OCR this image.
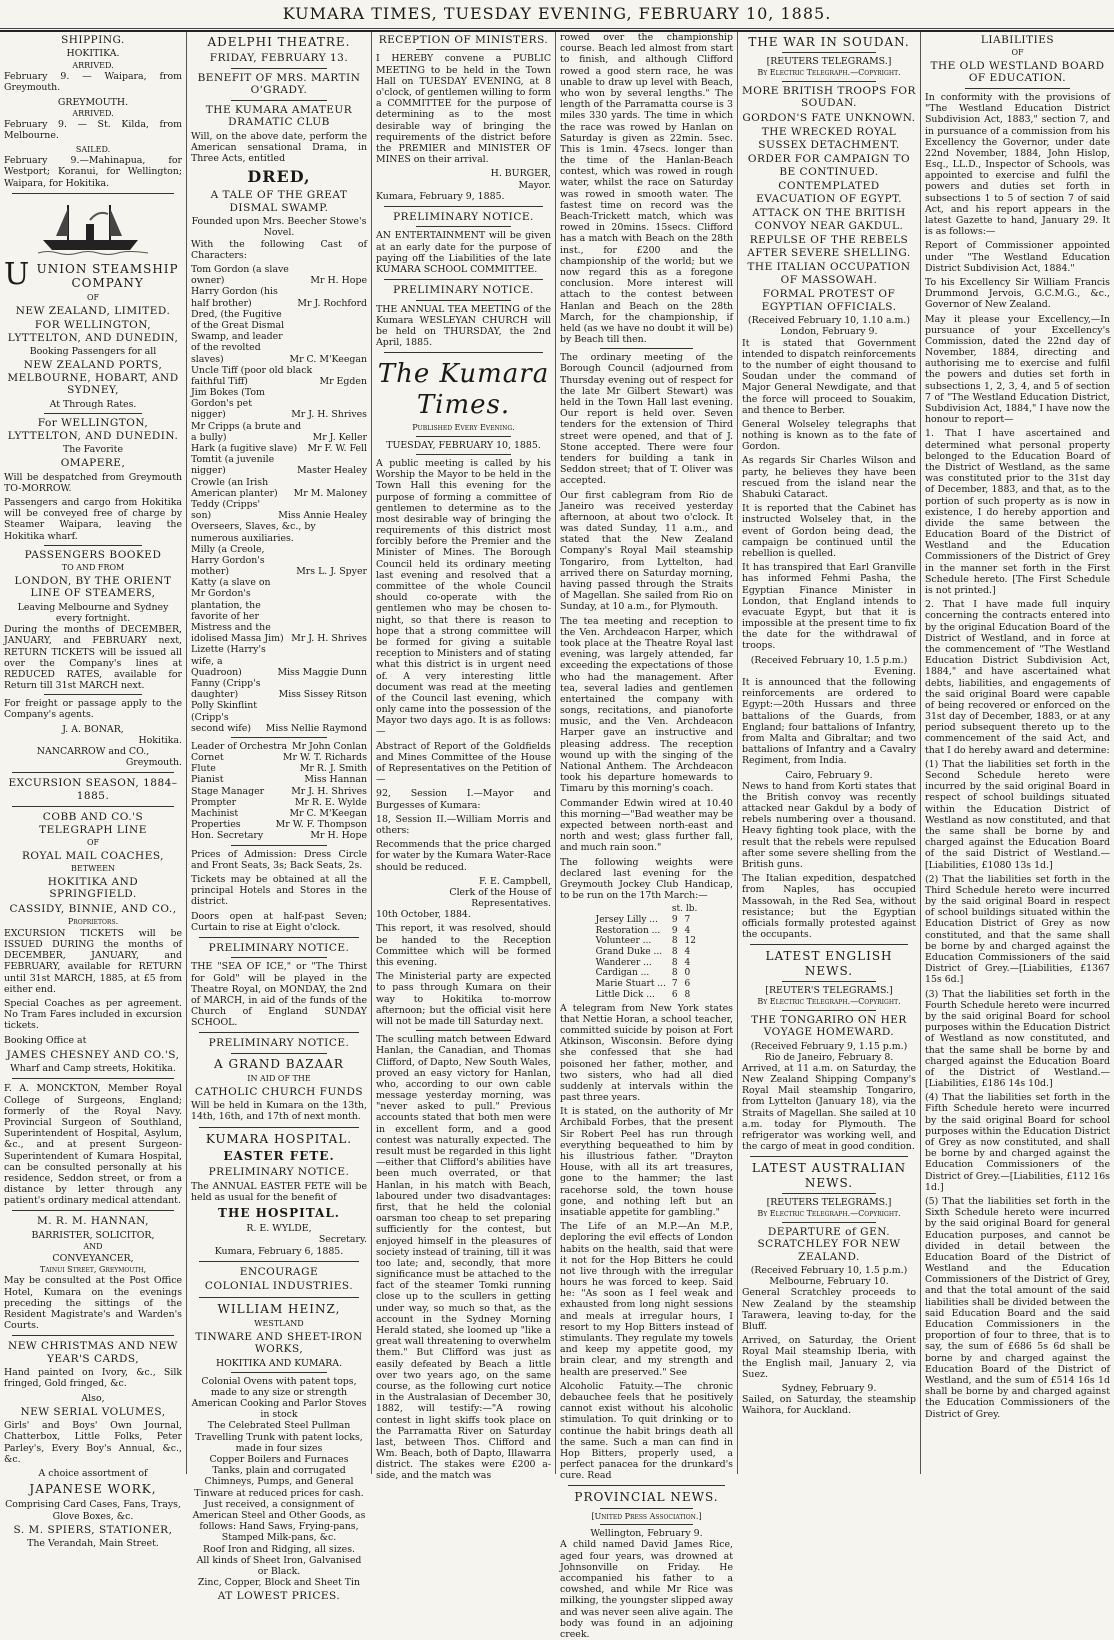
KUMARA TIMES, TUESDAY EVENING, FEBRUARY 10, 1885.
SHIPPING.
HOKITIKA.
ARRIVED.

February 9. — Waipara, from Greymouth.

GREYMOUTH.
ARRIVED.

February 9. — St. Kilda, from Melbourne.

SAILED.

February 9.—Mahinapua, for Westport; Koranui, for Wellington; Waipara, for Hokitika.

UUNION STEAMSHIP COMPANY
OF
NEW ZEALAND, LIMITED.
FOR WELLINGTON, LYTTELTON, AND DUNEDIN,
Booking Passengers for all
NEW ZEALAND PORTS, MELBOURNE, HOBART, AND SYDNEY,
At Through Rates.
For WELLINGTON, LYTTELTON, AND DUNEDIN.
The Favorite
OMAPERE,

Will be despatched from Greymouth TO-MORROW.

Passengers and cargo from Hokitika will be conveyed free of charge by Steamer Waipara, leaving the Hokitika wharf.

PASSENGERS BOOKED
TO AND FROM
LONDON, BY THE ORIENT LINE OF STEAMERS,
Leaving Melbourne and Sydney every fortnight.

During the months of DECEMBER, JANUARY, and FEBRUARY next, RETURN TICKETS will be issued all over the Company's lines at REDUCED RATES, available for Return till 31st MARCH next.

For freight or passage apply to the Company's agents.

J. A. BONAR,
Hokitika.
NANCARROW and CO.,
Greymouth.
EXCURSION SEASON, 1884–1885.
COBB AND CO.'S TELEGRAPH LINE
OF
ROYAL MAIL COACHES,
BETWEEN
HOKITIKA AND SPRINGFIELD.
CASSIDY, BINNIE, AND CO.,
Proprietors.

EXCURSION TICKETS will be ISSUED DURING the months of DECEMBER, JANUARY, and FEBRUARY, available for RETURN until 31st MARCH, 1885, at £5 from either end.

Special Coaches as per agreement. No Tram Fares included in excursion tickets.

Booking Office at

JAMES CHESNEY AND CO.'S,
Wharf and Camp streets, Hokitika.

F. A. MONCKTON, Member Royal College of Surgeons, England; formerly of the Royal Navy. Provincial Surgeon of Southland, Superintendent of Hospital, Asylum, &c., and at present Surgeon-Superintendent of Kumara Hospital, can be consulted personally at his residence, Seddon street, or from a distance by letter through any patient's ordinary medical attendant.

M. R. M. HANNAN,
BARRISTER, SOLICITOR,
AND
CONVEYANCER,
Tainui Street, Greymouth,

May be consulted at the Post Office Hotel, Kumara on the evenings preceding the sittings of the Resident Magistrate's and Warden's Courts.

NEW CHRISTMAS AND NEW YEAR'S CARDS,

Hand painted on Ivory, &c., Silk fringed, Gold fringed, &c.

Also,
NEW SERIAL VOLUMES,

Girls' and Boys' Own Journal, Chatterbox, Little Folks, Peter Parley's, Every Boy's Annual, &c., &c.

A choice assortment of
JAPANESE WORK,
Comprising Card Cases, Fans, Trays, Glove Boxes, &c.
S. M. SPIERS, STATIONER,
The Verandah, Main Street.
ADELPHI THEATRE.
FRIDAY, FEBRUARY 13.
BENEFIT OF MRS. MARTIN O'GRADY.
THE KUMARA AMATEUR DRAMATIC CLUB

Will, on the above date, perform the American sensational Drama, in Three Acts, entitled

DRED,
A TALE OF THE GREAT DISMAL SWAMP.
Founded upon Mrs. Beecher Stowe's Novel.

With the following Cast of Characters:

Tom Gordon (a slave owner)	Mr H. Hope
Harry Gordon (his half brother)	Mr J. Rochford
Dred, (the Fugitive of the Great Dismal Swamp, and leader of the revolted slaves)	Mr C. M'Keegan
Uncle Tiff (poor old black faithful Tiff)	Mr Egden
Jim Bokes (Tom Gordon's pet nigger)	Mr J. H. Shrives
Mr Cripps (a brute and a bully)	Mr J. Keller
Hark (a fugitive slave) Mr F. W. Fell
Tomtit (a juvenile nigger)	Master Healey
Crowle (an Irish American planter)	Mr M. Maloney
Teddy (Cripps' son)	Miss Annie Healey
Overseers, Slaves, &c., by numerous auxiliaries.
Milly (a Creole, Harry Gordon's mother)	Mrs L. J. Spyer
Katty (a slave on Mr Gordon's plantation, the favorite of her Mistress and the idolised Massa Jim) Mr J. H. Shrives
Lizette (Harry's wife, a Quadroon)	Miss Maggie Dunn
Fanny (Cripp's daughter)	Miss Sissey Ritson
Polly Skinflint (Cripp's second wife)	Miss Nellie Raymond
Leader of Orchestra Mr John Conlan
Cornet	Mr W. T. Richards
Flute	Mr R. J. Smith
Pianist	Miss Hannan
Stage Manager	Mr J. H. Shrives
Prompter	Mr R. E. Wylde
Machinist	Mr C. M'Keegan
Properties	Mr W. F. Thompson
Hon. Secretary	Mr H. Hope

Prices of Admission: Dress Circle and Front Seats, 3s; Back Seats, 2s.

Tickets may be obtained at all the principal Hotels and Stores in the district.

Doors open at half-past Seven; Curtain to rise at Eight o'clock.

PRELIMINARY NOTICE.

THE "SEA OF ICE," or "The Thirst for Gold" will be played in the Theatre Royal, on MONDAY, the 2nd of MARCH, in aid of the funds of the Church of England SUNDAY SCHOOL.

PRELIMINARY NOTICE.
A GRAND BAZAAR
IN AID OF THE
CATHOLIC CHURCH FUNDS

Will be held in Kumara on the 13th, 14th, 16th, and 17th of next month.

KUMARA HOSPITAL.
EASTER FETE.
PRELIMINARY NOTICE.

The ANNUAL EASTER FETE will be held as usual for the benefit of

THE HOSPITAL.
R. E. WYLDE,
Secretary.
Kumara, February 6, 1885.
ENCOURAGE
COLONIAL INDUSTRIES.
WILLIAM HEINZ,
WESTLAND
TINWARE AND SHEET-IRON WORKS,
HOKITIKA AND KUMARA.
Colonial Ovens with patent tops, made to any size or strength
American Cooking and Parlor Stoves in stock
The Celebrated Steel Pullman Travelling Trunk with patent locks, made in four sizes
Copper Boilers and Furnaces
Tanks, plain and corrugated
Chimneys, Pumps, and General Tinware at reduced prices for cash.
Just received, a consignment of American Steel and Other Goods, as follows: Hand Saws, Frying-pans, Stamped Milk-pans, &c.
Roof Iron and Ridging, all sizes.
All kinds of Sheet Iron, Galvanised or Black.
Zinc, Copper, Block and Sheet Tin
AT LOWEST PRICES.
RECEPTION OF MINISTERS.

I HEREBY convene a PUBLIC MEETING to be held in the Town Hall on TUESDAY EVENING, at 8 o'clock, of gentlemen willing to form a COMMITTEE for the purpose of determining as to the most desirable way of bringing the requirements of the district before the PREMIER and MINISTER OF MINES on their arrival.

H. BURGER,
Mayor.

Kumara, February 9, 1885.

PRELIMINARY NOTICE.

AN ENTERTAINMENT will be given at an early date for the purpose of paying off the Liabilities of the late KUMARA SCHOOL COMMITTEE.

PRELIMINARY NOTICE.

THE ANNUAL TEA MEETING of the Kumara WESLEYAN CHURCH will be held on THURSDAY, the 2nd April, 1885.

The Kumara Times.
Published Every Evening.
TUESDAY, FEBRUARY 10, 1885.

A public meeting is called by his Worship the Mayor to be held in the Town Hall this evening for the purpose of forming a committee of gentlemen to determine as to the most desirable way of bringing the requirements of this district most forcibly before the Premier and the Minister of Mines. The Borough Council held its ordinary meeting last evening and resolved that a committee of the whole Council should co-operate with the gentlemen who may be chosen to-night, so that there is reason to hope that a strong committee will be formed for giving a suitable reception to Ministers and of stating what this district is in urgent need of. A very interesting little document was read at the meeting of the Council last evening, which only came into the possession of the Mayor two days ago. It is as follows:—

Abstract of Report of the Goldfields and Mines Committee of the House of Representatives on the Petition of—

92, Session I.—Mayor and Burgesses of Kumara:

18, Session II.—William Morris and others:

Recommends that the price charged for water by the Kumara Water-Race should be reduced.

F. E. Campbell,
Clerk of the House of Representatives.

10th October, 1884.

This report, it was resolved, should be handed to the Reception Committee which will be formed this evening.

The Ministerial party are expected to pass through Kumara on their way to Hokitika to-morrow afternoon; but the official visit here will not be made till Saturday next.

The sculling match between Edward Hanlan, the Canadian, and Thomas Clifford, of Dapto, New South Wales, proved an easy victory for Hanlan, who, according to our own cable message yesterday morning, was "never asked to pull." Previous accounts stated that both men were in excellent form, and a good contest was naturally expected. The result must be regarded in this light—either that Clifford's abilities have been much overrated, or that Hanlan, in his match with Beach, laboured under two disadvantages: first, that he held the colonial oarsman too cheap to set preparing sufficiently for the contest, but enjoyed himself in the pleasures of society instead of training, till it was too late; and, secondly, that more significance must be attached to the fact of the steamer Tomki running close up to the scullers in getting under way, so much so that, as the account in the Sydney Morning Herald stated, she loomed up "like a great wall threatening to overwhelm them." But Clifford was just as easily defeated by Beach a little over two years ago, on the same course, as the following curt notice in the Australasian of December 30, 1882, will testify:—"A rowing contest in light skiffs took place on the Parramatta River on Saturday last, between Thos. Clifford and Wm. Beach, both of Dapto, Illawarra district. The stakes were £200 a-side, and the match was

rowed over the championship course. Beach led almost from start to finish, and although Clifford rowed a good stern race, he was unable to draw up level with Beach, who won by several lengths." The length of the Parramatta course is 3 miles 330 yards. The time in which the race was rowed by Hanlan on Saturday is given as 22min. 5sec. This is 1min. 47secs. longer than the time of the Hanlan-Beach contest, which was rowed in rough water, whilst the race on Saturday was rowed in smooth water. The fastest time on record was the Beach-Trickett match, which was rowed in 20mins. 15secs. Clifford has a match with Beach on the 28th inst., for £200 and the championship of the world; but we now regard this as a foregone conclusion. More interest will attach to the contest between Hanlan and Beach on the 28th March, for the championship, if held (as we have no doubt it will be) by Beach till then.

The ordinary meeting of the Borough Council (adjourned from Thursday evening out of respect for the late Mr Gilbert Stewart) was held in the Town Hall last evening. Our report is held over. Seven tenders for the extension of Third street were opened, and that of J. Stone accepted. There were four tenders for building a tank in Seddon street; that of T. Oliver was accepted.

Our first cablegram from Rio de Janeiro was received yesterday afternoon, at about two o'clock. It was dated Sunday, 11 a.m., and stated that the New Zealand Company's Royal Mail steamship Tongariro, from Lyttelton, had arrived there on Saturday morning, having passed through the Straits of Magellan. She sailed from Rio on Sunday, at 10 a.m., for Plymouth.

The tea meeting and reception to the Ven. Archdeacon Harper, which took place at the Theatre Royal last evening, was largely attended, far exceeding the expectations of those who had the management. After tea, several ladies and gentlemen entertained the company with songs, recitations, and pianoforte music, and the Ven. Archdeacon Harper gave an instructive and pleasing address. The reception wound up with the singing of the National Anthem. The Archdeacon took his departure homewards to Timaru by this morning's coach.

Commander Edwin wired at 10.40 this morning—"Bad weather may be expected between north-east and north and west; glass further fall, and much rain soon."

The following weights were declared last evening for the Greymouth Jockey Club Handicap, to be run on the 17th March:—

	st. lb.	
Jersey Lilly ...	9	7
Restoration ...	9	4
Volunteer ...	8	12
Grand Duke ...	8	4
Wanderer ...	8	4
Cardigan ...	8	0
Marie Stuart ...	7	6
Little Dick ...	6	8

A telegram from New York states that Nettie Horan, a school teacher, committed suicide by poison at Fort Atkinson, Wisconsin. Before dying she confessed that she had poisoned her father, mother, and two sisters, who had all died suddenly at intervals within the past three years.

It is stated, on the authority of Mr Archibald Forbes, that the present Sir Robert Peel has run through everything bequeathed to him by his illustrious father. "Drayton House, with all its art treasures, gone to the hammer; the last racehorse sold, the town house gone, and nothing left but an insatiable appetite for gambling."

The Life of an M.P.—An M.P., deploring the evil effects of London habits on the health, said that were it not for the Hop Bitters he could not live through with the irregular hours he was forced to keep. Said he: "As soon as I feel weak and exhausted from long night sessions and meals at irregular hours, I resort to my Hop Bitters instead of stimulants. They regulate my towels and keep my appetite good, my brain clear, and my strength and health are preserved." See

Alcoholic Fatuity.—The chronic debauchee feels that he positively cannot exist without his alcoholic stimulation. To quit drinking or to continue the habit brings death all the same. Such a man can find in Hop Bitters, properly used, a perfect panacea for the drunkard's cure. Read

PROVINCIAL NEWS.
[United Press Association.]
Wellington, February 9.

A child named David James Rice, aged four years, was drowned at Johnsonville on Friday. He accompanied his father to a cowshed, and while Mr Rice was milking, the youngster slipped away and was never seen alive again. The body was found in an adjoining creek.

THE WAR IN SOUDAN.
[REUTERS TELEGRAMS.]
By Electric Telegraph.—Copyright.
MORE BRITISH TROOPS FOR SOUDAN.
GORDON'S FATE UNKNOWN.
THE WRECKED ROYAL SUSSEX DETACHMENT.
ORDER FOR CAMPAIGN TO BE CONTINUED.
CONTEMPLATED EVACUATION OF EGYPT.
ATTACK ON THE BRITISH CONVOY NEAR GAKDUL.
REPULSE OF THE REBELS AFTER SEVERE SHELLING.
THE ITALIAN OCCUPATION OF MASSOWAH.
FORMAL PROTEST OF EGYPTIAN OFFICIALS.
(Received February 10, 1.10 a.m.)
London, February 9.

It is stated that Government intended to dispatch reinforcements to the number of eight thousand to Soudan under the command of Major General Newdigate, and that the force will proceed to Souakim, and thence to Berber.

General Wolseley telegraphs that nothing is known as to the fate of Gordon.

As regards Sir Charles Wilson and party, he believes they have been rescued from the island near the Shabuki Cataract.

It is reported that the Cabinet has instructed Wolseley that, in the event of Gordon being dead, the campaign be continued until the rebellion is quelled.

It has transpired that Earl Granville has informed Fehmi Pasha, the Egyptian Finance Minister in London, that England intends to evacuate Egypt, but that it is impossible at the present time to fix the date for the withdrawal of troops.

(Received February 10, 1.5 p.m.)
Evening.

It is announced that the following reinforcements are ordered to Egypt:—20th Hussars and three battalions of the Guards, from England; four battalions of Infantry, from Malta and Gibraltar; and two battalions of Infantry and a Cavalry Regiment, from India.

Cairo, February 9.

News to hand from Korti states that the British convoy was recently attacked near Gakdul by a body of rebels numbering over a thousand. Heavy fighting took place, with the result that the rebels were repulsed after some severe shelling from the British guns.

The Italian expedition, despatched from Naples, has occupied Massowah, in the Red Sea, without resistance; but the Egyptian officials formally protested against the occupants.

LATEST ENGLISH NEWS.
[REUTER'S TELEGRAMS.]
By Electric Telegraph.—Copyright.
THE TONGARIRO ON HER VOYAGE HOMEWARD.
(Received February 9, 1.15 p.m.)
Rio de Janeiro, February 8.

Arrived, at 11 a.m. on Saturday, the New Zealand Shipping Company's Royal Mail steamship Tongariro, from Lyttelton (January 18), via the Straits of Magellan. She sailed at 10 a.m. today for Plymouth. The refrigerator was working well, and the cargo of meat in good condition.

LATEST AUSTRALIAN NEWS.
[REUTERS TELEGRAMS.]
By Electric Telegraph.—Copyright.
DEPARTURE of GEN. SCRATCHLEY FOR NEW ZEALAND.
(Received February 10, 1.5 p.m.)
Melbourne, February 10.

General Scratchley proceeds to New Zealand by the steamship Tarawera, leaving to-day, for the Bluff.

Arrived, on Saturday, the Orient Royal Mail steamship Iberia, with the English mail, January 2, via Suez.

Sydney, February 9.

Sailed, on Saturday, the steamship Waihora, for Auckland.

LIABILITIES
OF
THE OLD WESTLAND BOARD OF EDUCATION.

In conformity with the provisions of "The Westland Education District Subdivision Act, 1883," section 7, and in pursuance of a commission from his Excellency the Governor, under date 22nd November, 1884, John Hislop, Esq., LL.D., Inspector of Schools, was appointed to exercise and fulfil the powers and duties set forth in subsections 1 to 5 of section 7 of said Act, and his report appears in the latest Gazette to hand, January 29. It is as follows:—

Report of Commissioner appointed under "The Westland Education District Subdivision Act, 1884."

To his Excellency Sir William Francis Drummond Jervois, G.C.M.G., &c., Governor of New Zealand.

May it please your Excellency,—In pursuance of your Excellency's Commission, dated the 22nd day of November, 1884, directing and authorising me to exercise and fulfil the powers and duties set forth in subsections 1, 2, 3, 4, and 5 of section 7 of "The Westland Education District, Subdivision Act, 1884," I have now the honour to report—

1. That I have ascertained and determined what personal property belonged to the Education Board of the District of Westland, as the same was constituted prior to the 31st day of December, 1883, and that, as to the portion of such property as is now in existence, I do hereby apportion and divide the same between the Education Board of the District of Westland and the Education Commissioners of the District of Grey in the manner set forth in the First Schedule hereto. [The First Schedule is not printed.]

2. That I have made full inquiry concerning the contracts entered into by the original Education Board of the District of Westland, and in force at the commencement of "The Westland Education District Subdivision Act, 1884," and have ascertained what debts, liabilities, and engagements of the said original Board were capable of being recovered or enforced on the 31st day of December, 1883, or at any period subsequent thereto up to the commencement of the said Act, and that I do hereby award and determine:

(1) That the liabilities set forth in the Second Schedule hereto were incurred by the said original Board in respect of school buildings situated within the Education District of Westland as now constituted, and that the same shall be borne by and charged against the Education Board of the said District of Westland.—[Liabilities, £1080 13s 1d.]

(2) That the liabilities set forth in the Third Schedule hereto were incurred by the said original Board in respect of school buildings situated within the Education District of Grey as now constituted, and that the same shall be borne by and charged against the Education Commissioners of the said District of Grey.—[Liabilities, £1367 15s 6d.]

(3) That the liabilities set forth in the Fourth Schedule hereto were incurred by the said original Board for school purposes within the Education District of Westland as now constituted, and that the same shall be borne by and charged against the Education Board of the District of Westland.—[Liabilities, £186 14s 10d.]

(4) That the liabilities set forth in the Fifth Schedule hereto were incurred by the said original Board for school purposes within the Education District of Grey as now constituted, and shall be borne by and charged against the Education Commissioners of the District of Grey.—[Liabilities, £112 16s 1d.]

(5) That the liabilities set forth in the Sixth Schedule hereto were incurred by the said original Board for general Education purposes, and cannot be divided in detail between the Education Board of the District of Westland and the Education Commissioners of the District of Grey, and that the total amount of the said liabilities shall be divided between the said Education Board and the said Education Commissioners in the proportion of four to three, that is to say, the sum of £686 5s 6d shall be borne by and charged against the Education Board of the District of Westland, and the sum of £514 16s 1d shall be borne by and charged against the Education Commissioners of the District of Grey.
